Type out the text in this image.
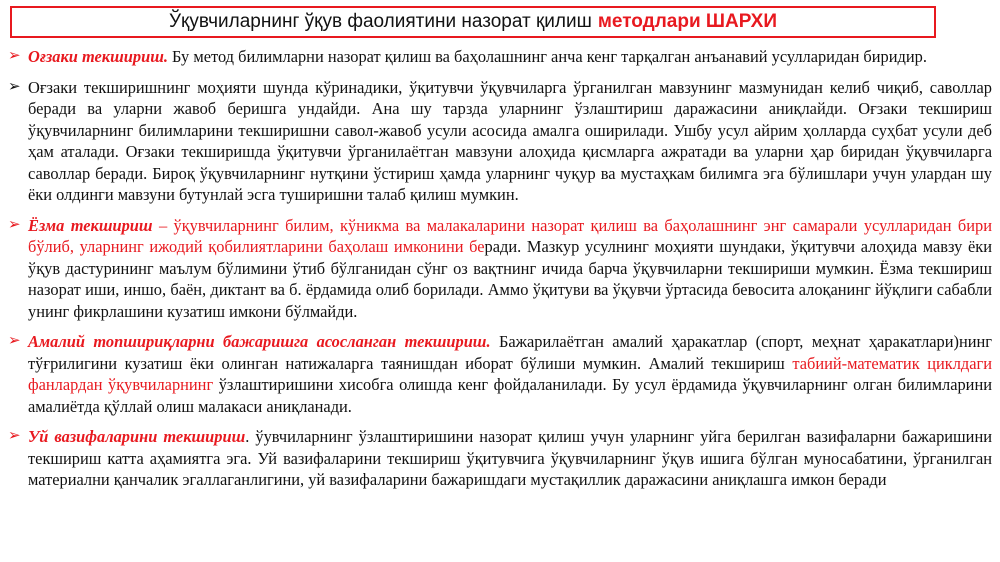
Ўқувчиларнинг ўқув фаолиятини назорат қилиш методлари ШАРХИ

➢ Оғзаки текшириш. Бу метод билимларни назорат қилиш ва баҳолашнинг анча кенг тарқалган анъанавий усулларидан биридир.

➢ Оғзаки текширишнинг моҳияти шунда кўринадики, ўқитувчи ўқувчиларга ўрганилган мавзунинг мазмунидан келиб чиқиб, саволлар беради ва уларни жавоб беришга ундайди. Ана шу тарзда уларнинг ўзлаштириш даражасини аниқлайди. Оғзаки текшириш ўқувчиларнинг билимларини текширишни савол-жавоб усули асосида амалга оширилади. Ушбу усул айрим ҳолларда суҳбат усули деб ҳам аталади. Оғзаки текширишда ўқитувчи ўрганилаётган мавзуни алоҳида қисмларга ажратади ва уларни ҳар биридан ўқувчиларга саволлар беради. Бироқ ўқувчиларнинг нутқини ўстириш ҳамда уларнинг чуқур ва мустаҳкам билимга эга бўлишлари учун улардан шу ёки олдинги мавзуни бутунлай эсга туширишни талаб қилиш мумкин.

➢ Ёзма текшириш – ўқувчиларнинг билим, кўникма ва малакаларини назорат қилиш ва баҳолашнинг энг самарали усулларидан бири бўлиб, уларнинг ижодий қобилиятларини баҳолаш имконини беради. Мазкур усулнинг моҳияти шундаки, ўқитувчи алоҳида мавзу ёки ўқув дастурининг маълум бўлимини ўтиб бўлганидан сўнг оз вақтнинг ичида барча ўқувчиларни текшириши мумкин. Ёзма текшириш назорат иши, иншо, баён, диктант ва б. ёрдамида олиб борилади. Аммо ўқитуви ва ўқувчи ўртасида бевосита алоқанинг йўқлиги сабабли унинг фикрлашини кузатиш имкони бўлмайди.

➢ Амалий топшириқларни бажаришга асосланган текшириш. Бажарилаётган амалий ҳаракатлар (спорт, меҳнат ҳаракатлари)нинг тўғрилигини кузатиш ёки олинган натижаларга таянишдан иборат бўлиши мумкин. Амалий текшириш табиий-математик циклдаги фанлардан ўқувчиларнинг ўзлаштиришини хисобга олишда кенг фойдаланилади. Бу усул ёрдамида ўқувчиларнинг олган билимларини амалиётда қўллай олиш малакаси аниқланади.

➢ Уй вазифаларини текшириш. ўувчиларнинг ўзлаштиришини назорат қилиш учун уларнинг уйга берилган вазифаларни бажаришини текшириш катта аҳамиятга эга. Уй вазифаларини текшириш ўқитувчига ўқувчиларнинг ўқув ишига бўлган муносабатини, ўрганилган материални қанчалик эгаллаганлигини, уй вазифаларини бажаришдаги мустақиллик даражасини аниқлашга имкон беради
